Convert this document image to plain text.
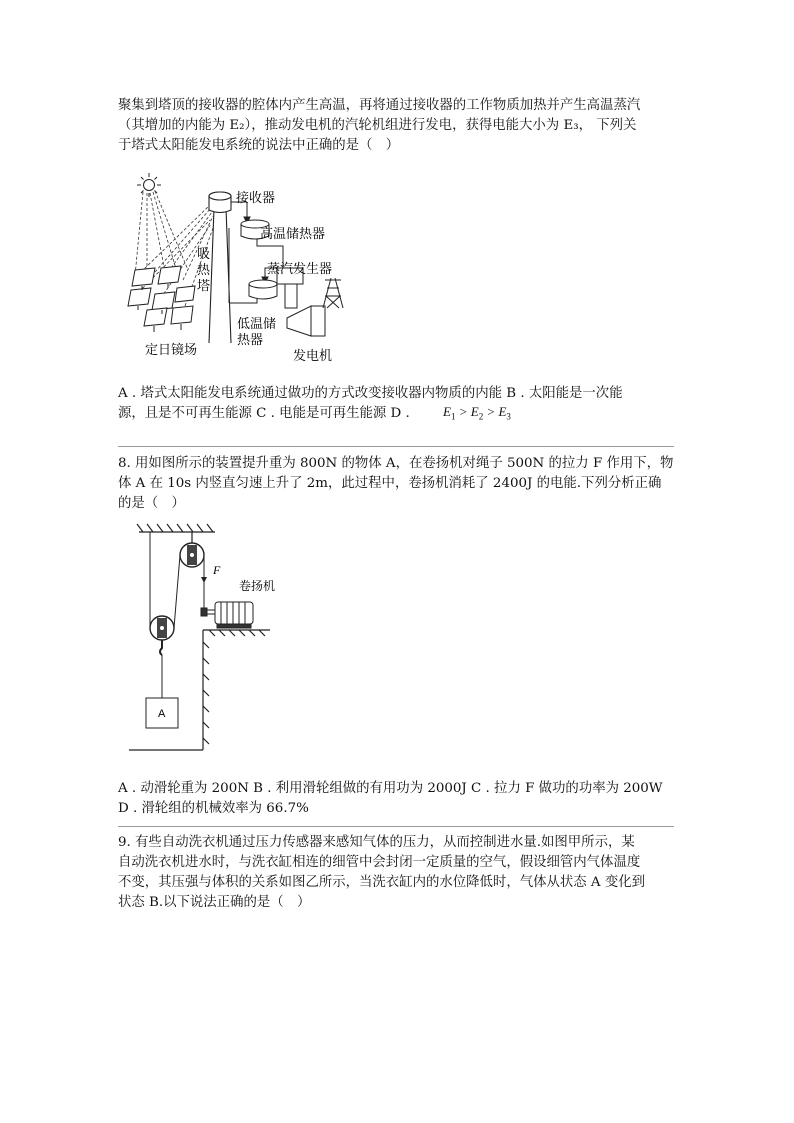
聚集到塔顶的接收器的腔体内产生高温，再将通过接收器的工作物质加热并产生高温蒸汽
（其增加的内能为 E₂），推动发电机的汽轮机组进行发电，获得电能大小为 E₃， 下列关
于塔式太阳能发电系统的说法中正确的是（　）

接收器
吸
热
塔
高温储热器
蒸汽发生器
低温储
热器
定日镜场	发电机

A . 塔式太阳能发电系统通过做功的方式改变接收器内物质的内能 B . 太阳能是一次能
源，且是不可再生能源 C . 电能是可再生能源 D .	$E_1 > E_2 > E_3$

8. 用如图所示的装置提升重为 800N 的物体 A，在卷扬机对绳子 500N 的拉力 F 作用下，物
体 A 在 10s 内竖直匀速上升了 2m，此过程中，卷扬机消耗了 2400J 的电能.下列分析正确
的是（　）

F
卷扬机
A

A . 动滑轮重为 200N B . 利用滑轮组做的有用功为 2000J C . 拉力 F 做功的功率为 200W
D . 滑轮组的机械效率为 66.7%

9. 有些自动洗衣机通过压力传感器来感知气体的压力，从而控制进水量.如图甲所示，某
自动洗衣机进水时，与洗衣缸相连的细管中会封闭一定质量的空气，假设细管内气体温度
不变，其压强与体积的关系如图乙所示，当洗衣缸内的水位降低时，气体从状态 A 变化到
状态 B.以下说法正确的是（　）
